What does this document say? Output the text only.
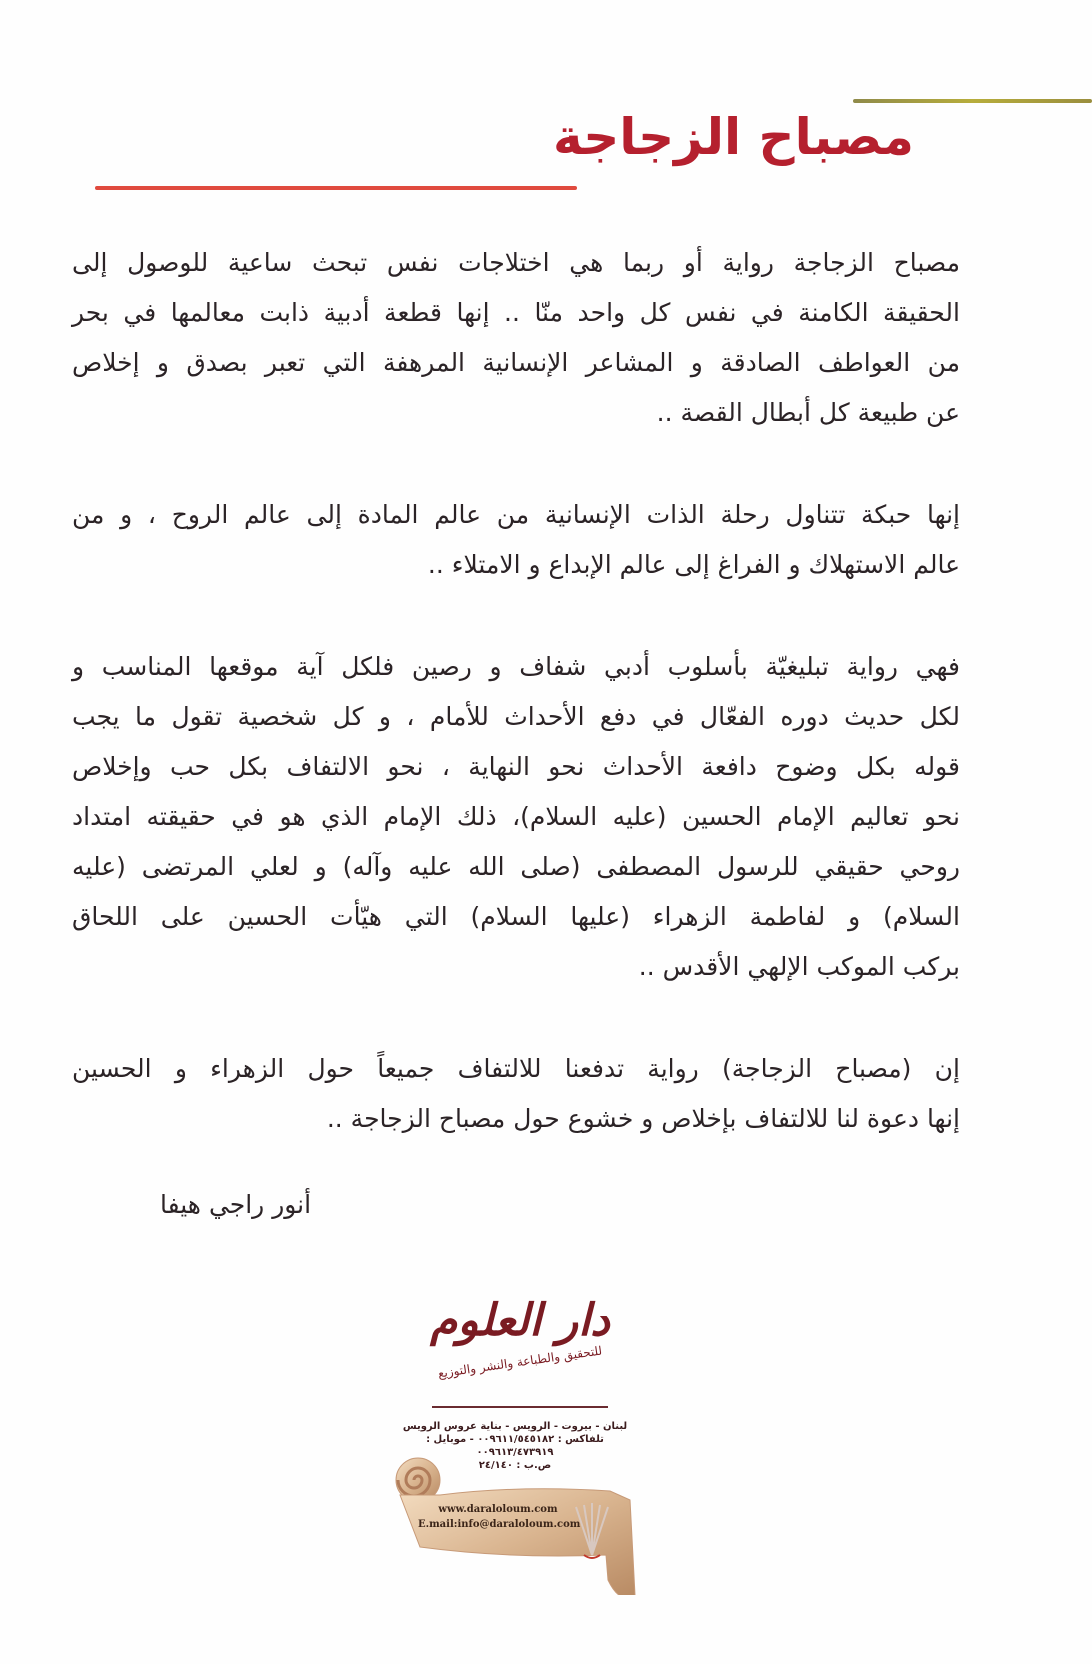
مصباح الزجاجة

مصباح الزجاجة رواية أو ربما هي اختلاجات نفس تبحث ساعية للوصول إلى
الحقيقة الكامنة في نفس كل واحد منّا .. إنها قطعة أدبية ذابت معالمها في بحر
من العواطف الصادقة و المشاعر الإنسانية المرهفة التي تعبر بصدق و إخلاص
عن طبيعة كل أبطال القصة ..

إنها حبكة تتناول رحلة الذات الإنسانية من عالم المادة إلى عالم الروح ، و من
عالم الاستهلاك و الفراغ إلى عالم الإبداع و الامتلاء ..

فهي رواية تبليغيّة بأسلوب أدبي شفاف و رصين فلكل آية موقعها المناسب و
لكل حديث دوره الفعّال في دفع الأحداث للأمام ، و كل شخصية تقول ما يجب
قوله بكل وضوح دافعة الأحداث نحو النهاية ، نحو الالتفاف بكل حب وإخلاص
نحو تعاليم الإمام الحسين (عليه السلام)، ذلك الإمام الذي هو في حقيقته امتداد
روحي حقيقي للرسول المصطفى (صلى الله عليه وآله) و لعلي المرتضى (عليه
السلام) و لفاطمة الزهراء (عليها السلام) التي هيّأت الحسين على اللحاق
بركب الموكب الإلهي الأقدس ..

إن (مصباح الزجاجة) رواية تدفعنا للالتفاف جميعاً حول الزهراء و الحسين
إنها دعوة لنا للالتفاف بإخلاص و خشوع حول مصباح الزجاجة ..

أنور راجي هيفا
دار العلوم
للتحقيق والطباعة والنشر والتوزيع
لبنان - بيروت - الرويس - بناية عروس الرويس
تلفاكس : ٠٠٩٦١١/٥٤٥١٨٢ - موبايل : ٠٠٩٦١٣/٤٧٣٩١٩
ص.ب : ٢٤/١٤٠
www.daraloloum.com
E.mail:info@daraloloum.com
